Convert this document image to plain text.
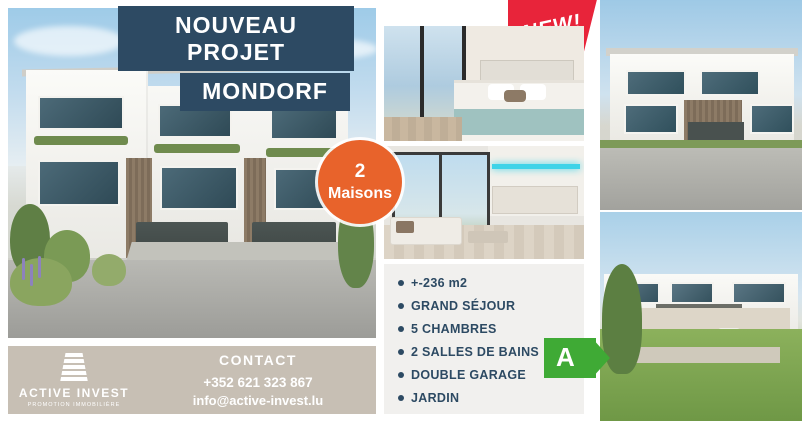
NOUVEAU PROJET
MONDORF
2
Maisons
+-236 m2
GRAND SÉJOUR
5 CHAMBRES
2 SALLES DE BAINS
DOUBLE GARAGE
JARDIN
A
ACTIVE INVEST
PROMOTION IMMOBILIÈRE
CONTACT
+352 621 323 867
info@active-invest.lu
